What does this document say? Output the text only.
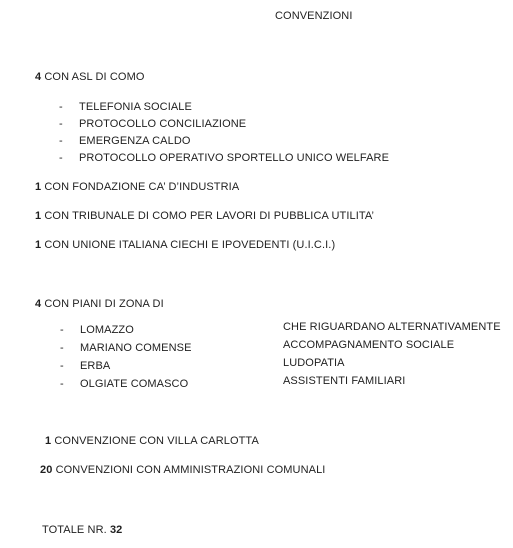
CONVENZIONI
4 CON ASL DI COMO
- TELEFONIA SOCIALE
- PROTOCOLLO CONCILIAZIONE
- EMERGENZA CALDO
- PROTOCOLLO OPERATIVO SPORTELLO UNICO WELFARE
1 CON FONDAZIONE CA’ D’INDUSTRIA
1 CON TRIBUNALE DI COMO PER LAVORI DI PUBBLICA UTILITA’
1 CON UNIONE ITALIANA CIECHI E IPOVEDENTI (U.I.C.I.)
4 CON PIANI DI ZONA DI
- LOMAZZO	CHE RIGUARDANO ALTERNATIVAMENTE
- MARIANO COMENSE	ACCOMPAGNAMENTO SOCIALE
- ERBA	LUDOPATIA
- OLGIATE COMASCO	ASSISTENTI FAMILIARI
1 CONVENZIONE CON VILLA CARLOTTA
20 CONVENZIONI CON AMMINISTRAZIONI COMUNALI
TOTALE NR. 32
